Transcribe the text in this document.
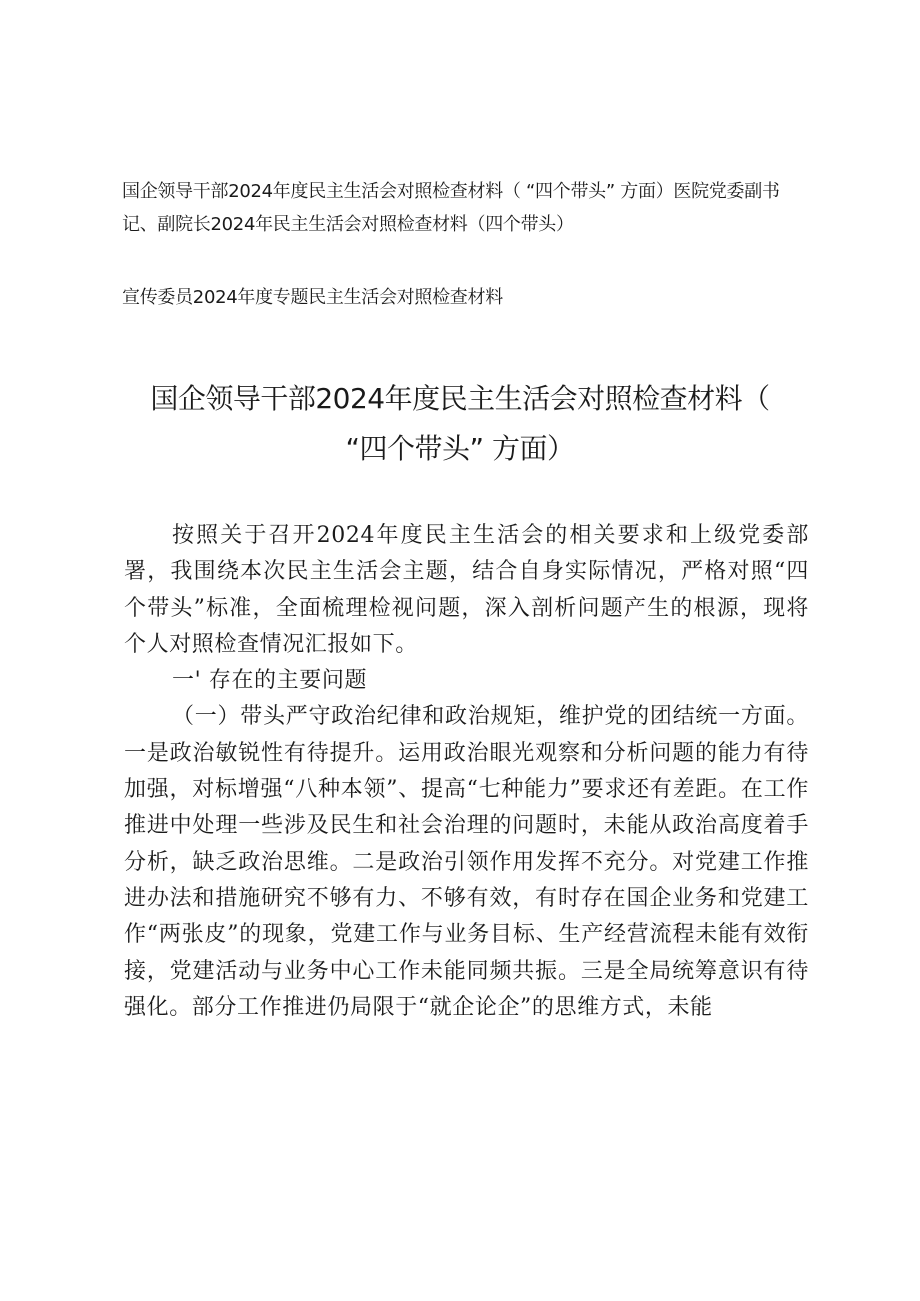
国企领导干部2024年度民主生活会对照检查材料（ “四个带头” 方面）医院党委副书记、副院长2024年民主生活会对照检查材料（四个带头）

宣传委员2024年度专题民主生活会对照检查材料

国企领导干部2024年度民主生活会对照检查材料（ “四个带头” 方面）

按照关于召开2024年度民主生活会的相关要求和上级党委部署，我围绕本次民主生活会主题，结合自身实际情况，严格对照“四个带头”标准，全面梳理检视问题，深入剖析问题产生的根源，现将个人对照检查情况汇报如下。

一' 存在的主要问题

（一）带头严守政治纪律和政治规矩，维护党的团结统一方面。一是政治敏锐性有待提升。运用政治眼光观察和分析问题的能力有待加强，对标增强“八种本领”、提高“七种能力”要求还有差距。在工作推进中处理一些涉及民生和社会治理的问题时，未能从政治高度着手分析，缺乏政治思维。二是政治引领作用发挥不充分。对党建工作推进办法和措施研究不够有力、不够有效，有时存在国企业务和党建工作“两张皮”的现象，党建工作与业务目标、生产经营流程未能有效衔接，党建活动与业务中心工作未能同频共振。三是全局统筹意识有待强化。部分工作推进仍局限于“就企论企”的思维方式，未能
